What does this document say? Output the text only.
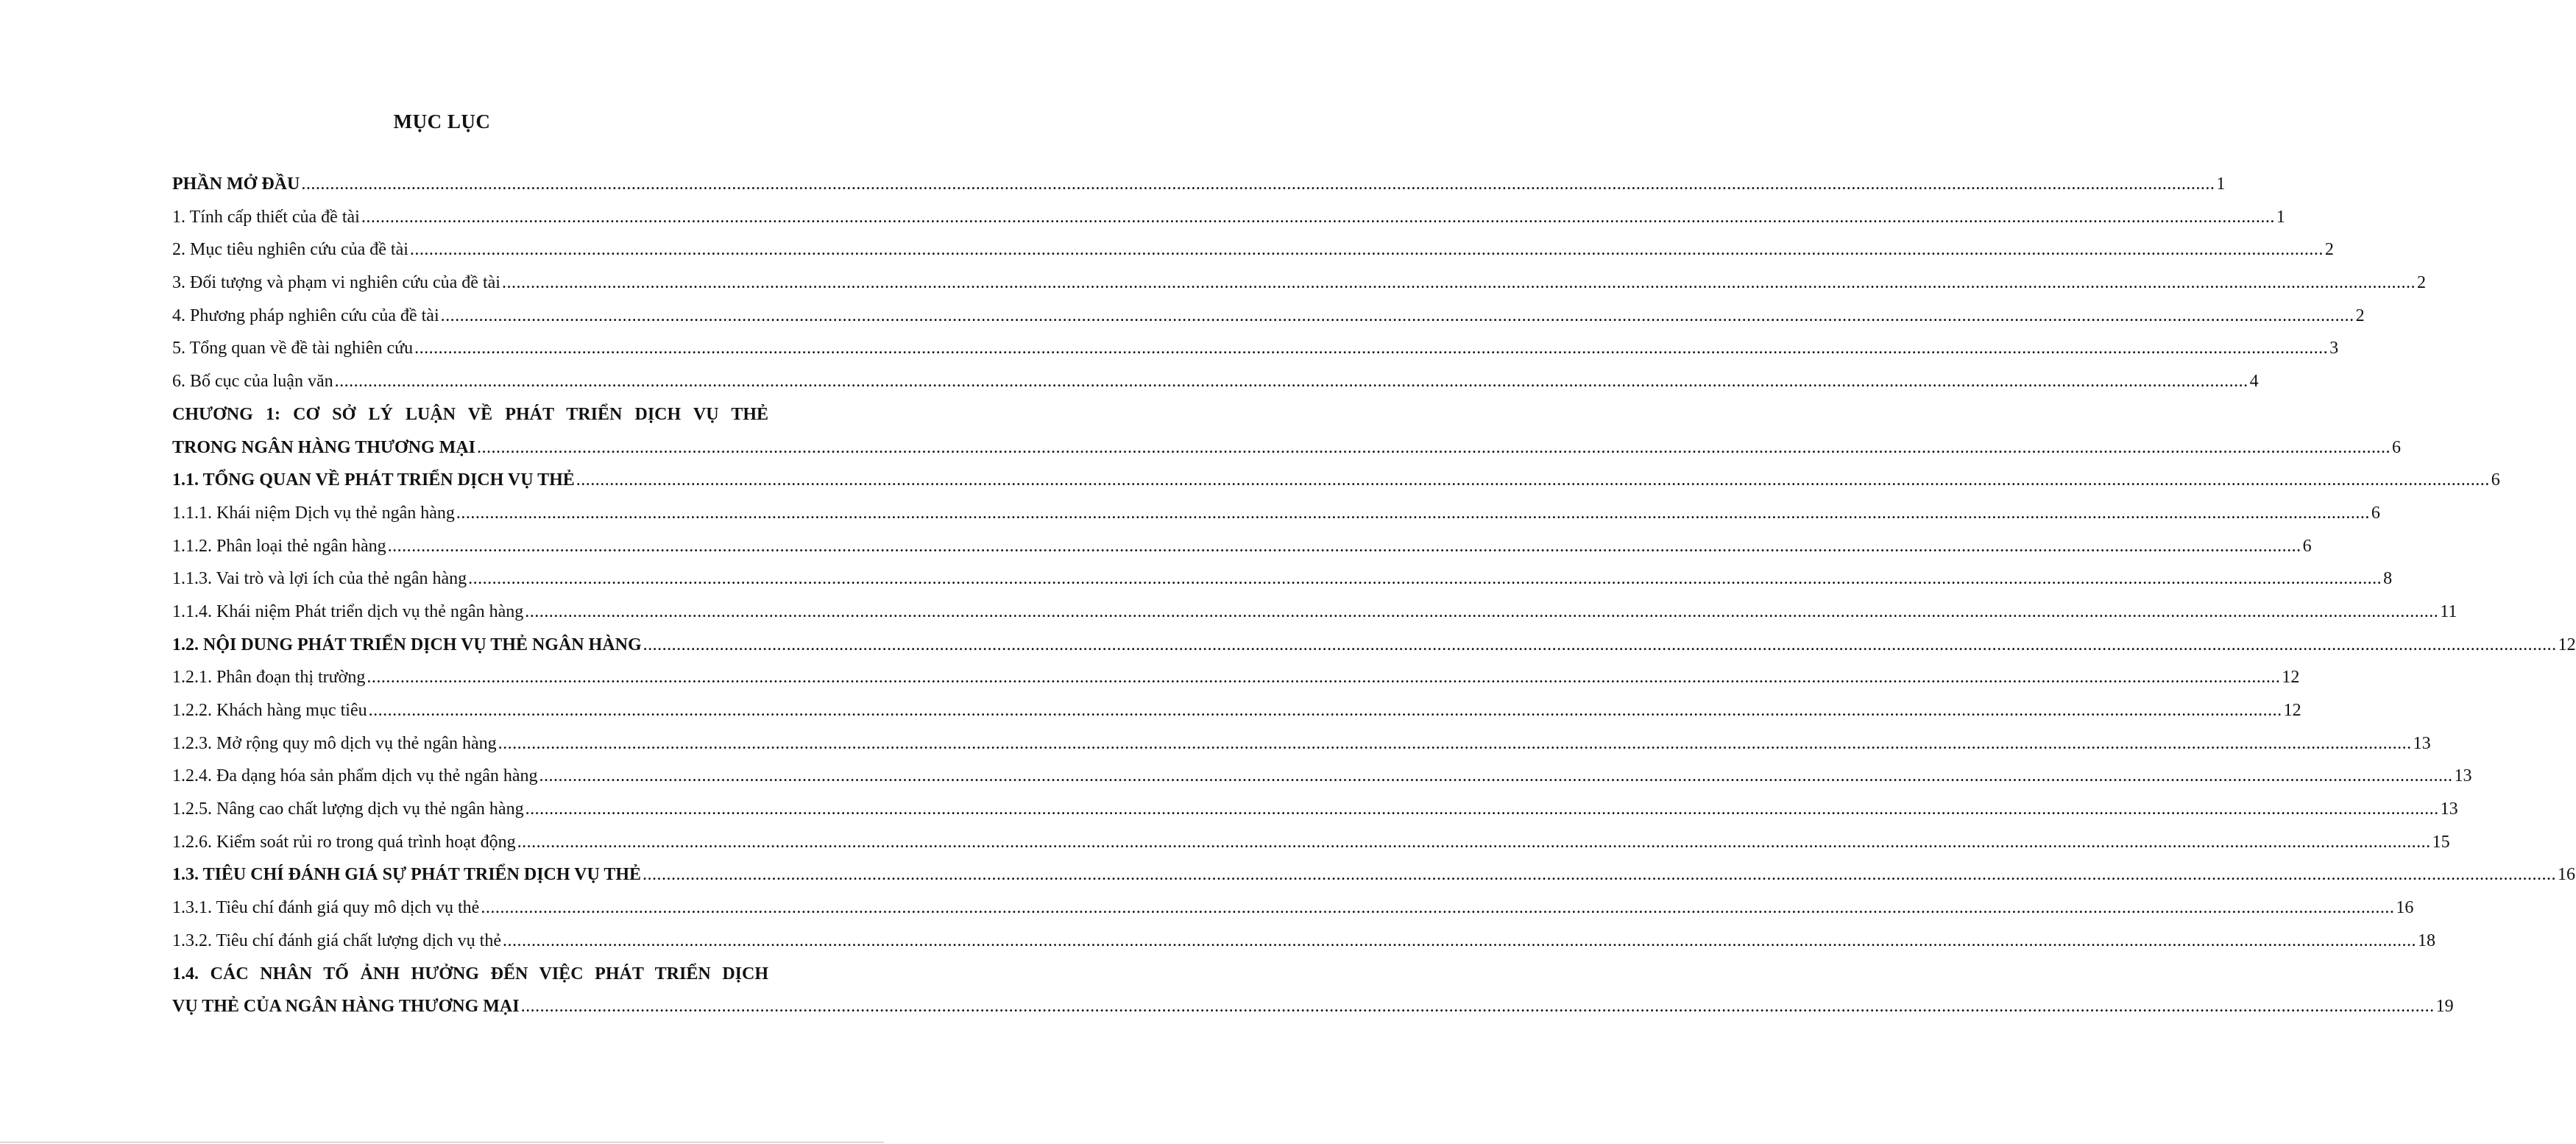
MỤC LỤC
PHẦN MỞ ĐẦU ................................................................................................................................................................................................................................................................................................................................................................................................................ 1
1. Tính cấp thiết của đề tài ................................................................................................................................................................................................................................................................................................................................................................................................................ 1
2. Mục tiêu nghiên cứu của đề tài ................................................................................................................................................................................................................................................................................................................................................................................................................ 2
3. Đối tượng và phạm vi nghiên cứu của đề tài ................................................................................................................................................................................................................................................................................................................................................................................................................ 2
4. Phương pháp nghiên cứu của đề tài ................................................................................................................................................................................................................................................................................................................................................................................................................ 2
5. Tổng quan về đề tài nghiên cứu ................................................................................................................................................................................................................................................................................................................................................................................................................ 3
6. Bố cục của luận văn ................................................................................................................................................................................................................................................................................................................................................................................................................ 4
CHƯƠNG 1: CƠ SỞ LÝ LUẬN VỀ PHÁT TRIỂN DỊCH VỤ THẺ
TRONG NGÂN HÀNG THƯƠNG MẠI ................................................................................................................................................................................................................................................................................................................................................................................................................ 6
1.1. TỔNG QUAN VỀ PHÁT TRIỂN DỊCH VỤ THẺ ................................................................................................................................................................................................................................................................................................................................................................................................................ 6
1.1.1. Khái niệm Dịch vụ thẻ ngân hàng ................................................................................................................................................................................................................................................................................................................................................................................................................ 6
1.1.2. Phân loại thẻ ngân hàng ................................................................................................................................................................................................................................................................................................................................................................................................................ 6
1.1.3. Vai trò và lợi ích của thẻ ngân hàng ................................................................................................................................................................................................................................................................................................................................................................................................................ 8
1.1.4. Khái niệm Phát triển dịch vụ thẻ ngân hàng ................................................................................................................................................................................................................................................................................................................................................................................................................ 11
1.2. NỘI DUNG PHÁT TRIỂN DỊCH VỤ THẺ NGÂN HÀNG ................................................................................................................................................................................................................................................................................................................................................................................................................ 12
1.2.1. Phân đoạn thị trường ................................................................................................................................................................................................................................................................................................................................................................................................................ 12
1.2.2. Khách hàng mục tiêu ................................................................................................................................................................................................................................................................................................................................................................................................................ 12
1.2.3. Mở rộng quy mô dịch vụ thẻ ngân hàng ................................................................................................................................................................................................................................................................................................................................................................................................................ 13
1.2.4. Đa dạng hóa sản phẩm dịch vụ thẻ ngân hàng ................................................................................................................................................................................................................................................................................................................................................................................................................ 13
1.2.5. Nâng cao chất lượng dịch vụ thẻ ngân hàng ................................................................................................................................................................................................................................................................................................................................................................................................................ 13
1.2.6. Kiểm soát rủi ro trong quá trình hoạt động ................................................................................................................................................................................................................................................................................................................................................................................................................ 15
1.3. TIÊU CHÍ ĐÁNH GIÁ SỰ PHÁT TRIỂN DỊCH VỤ THẺ ................................................................................................................................................................................................................................................................................................................................................................................................................ 16
1.3.1. Tiêu chí đánh giá quy mô dịch vụ thẻ ................................................................................................................................................................................................................................................................................................................................................................................................................ 16
1.3.2. Tiêu chí đánh giá chất lượng dịch vụ thẻ ................................................................................................................................................................................................................................................................................................................................................................................................................ 18
1.4. CÁC NHÂN TỐ ẢNH HƯỞNG ĐẾN VIỆC PHÁT TRIỂN DỊCH
VỤ THẺ CỦA NGÂN HÀNG THƯƠNG MẠI ................................................................................................................................................................................................................................................................................................................................................................................................................ 19
